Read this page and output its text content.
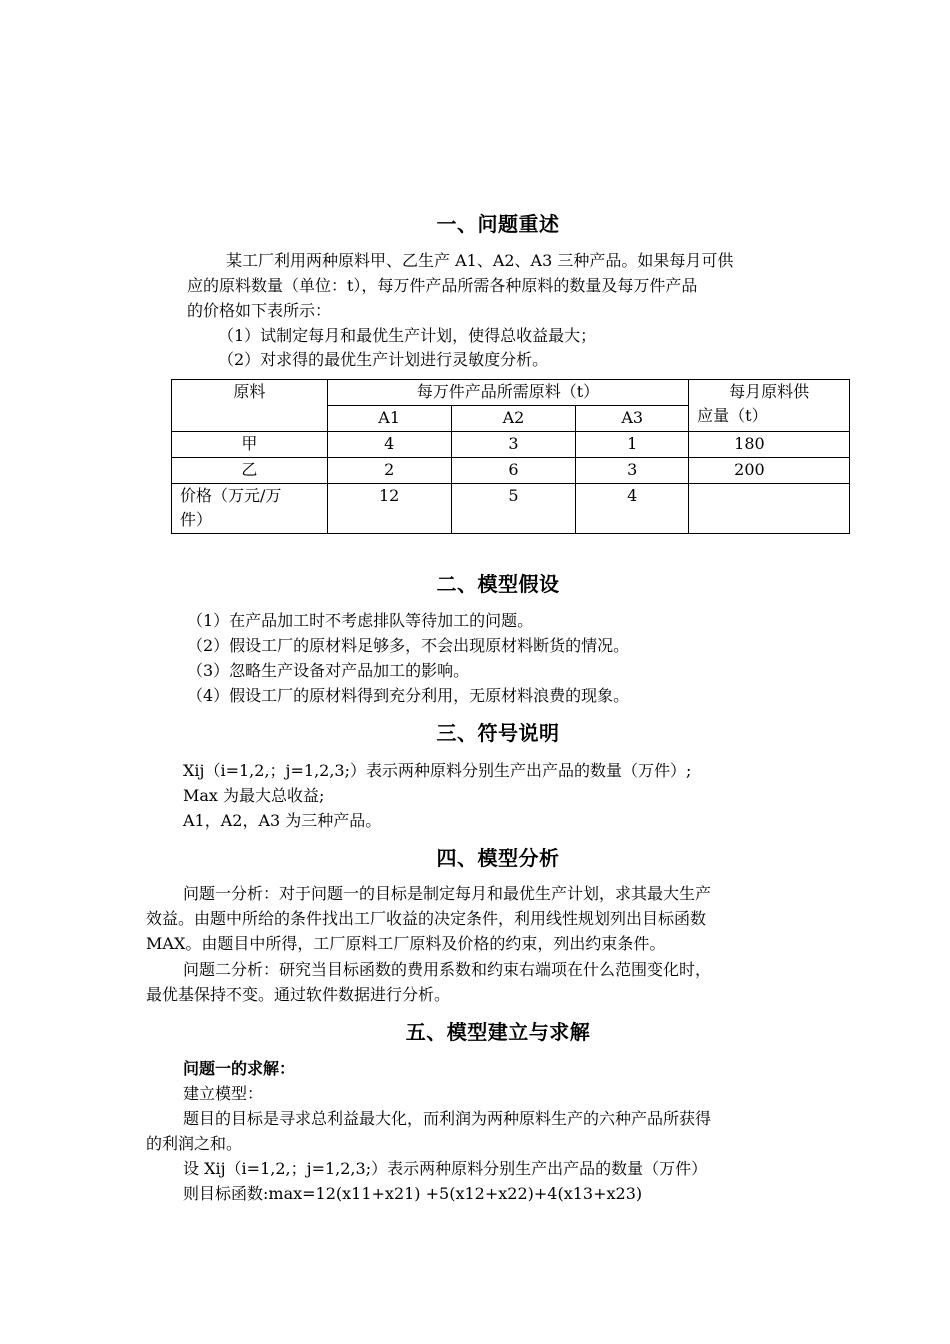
一、问题重述
某工厂利用两种原料甲、乙生产 A1、A2、A3 三种产品。如果每月可供
应的原料数量（单位：t），每万件产品所需各种原料的数量及每万件产品
的价格如下表所示：
（1）试制定每月和最优生产计划，使得总收益最大；
（2）对求得的最优生产计划进行灵敏度分析。
原料	每万件产品所需原料（t）			每月原料供
应量（t）

	A1	A2	A3	
甲	4	3	1	180
乙	2	6	3	200

价格（万元/万
件）	12	5	4	
二、模型假设
（1）在产品加工时不考虑排队等待加工的问题。
（2）假设工厂的原材料足够多，不会出现原材料断货的情况。
（3）忽略生产设备对产品加工的影响。
（4）假设工厂的原材料得到充分利用，无原材料浪费的现象。
三、符号说明
Xij（i=1,2,；j=1,2,3;）表示两种原料分别生产出产品的数量（万件）;
Max 为最大总收益;
A1，A2，A3 为三种产品。
四、模型分析
问题一分析：对于问题一的目标是制定每月和最优生产计划，求其最大生产
效益。由题中所给的条件找出工厂收益的决定条件，利用线性规划列出目标函数
MAX。由题目中所得，工厂原料工厂原料及价格的约束，列出约束条件。
问题二分析：研究当目标函数的费用系数和约束右端项在什么范围变化时，
最优基保持不变。通过软件数据进行分析。
五、模型建立与求解
问题一的求解：
建立模型：
题目的目标是寻求总利益最大化，而利润为两种原料生产的六种产品所获得
的利润之和。
设 Xij（i=1,2,；j=1,2,3;）表示两种原料分别生产出产品的数量（万件）
则目标函数:max=12(x11+x21) +5(x12+x22)+4(x13+x23)
